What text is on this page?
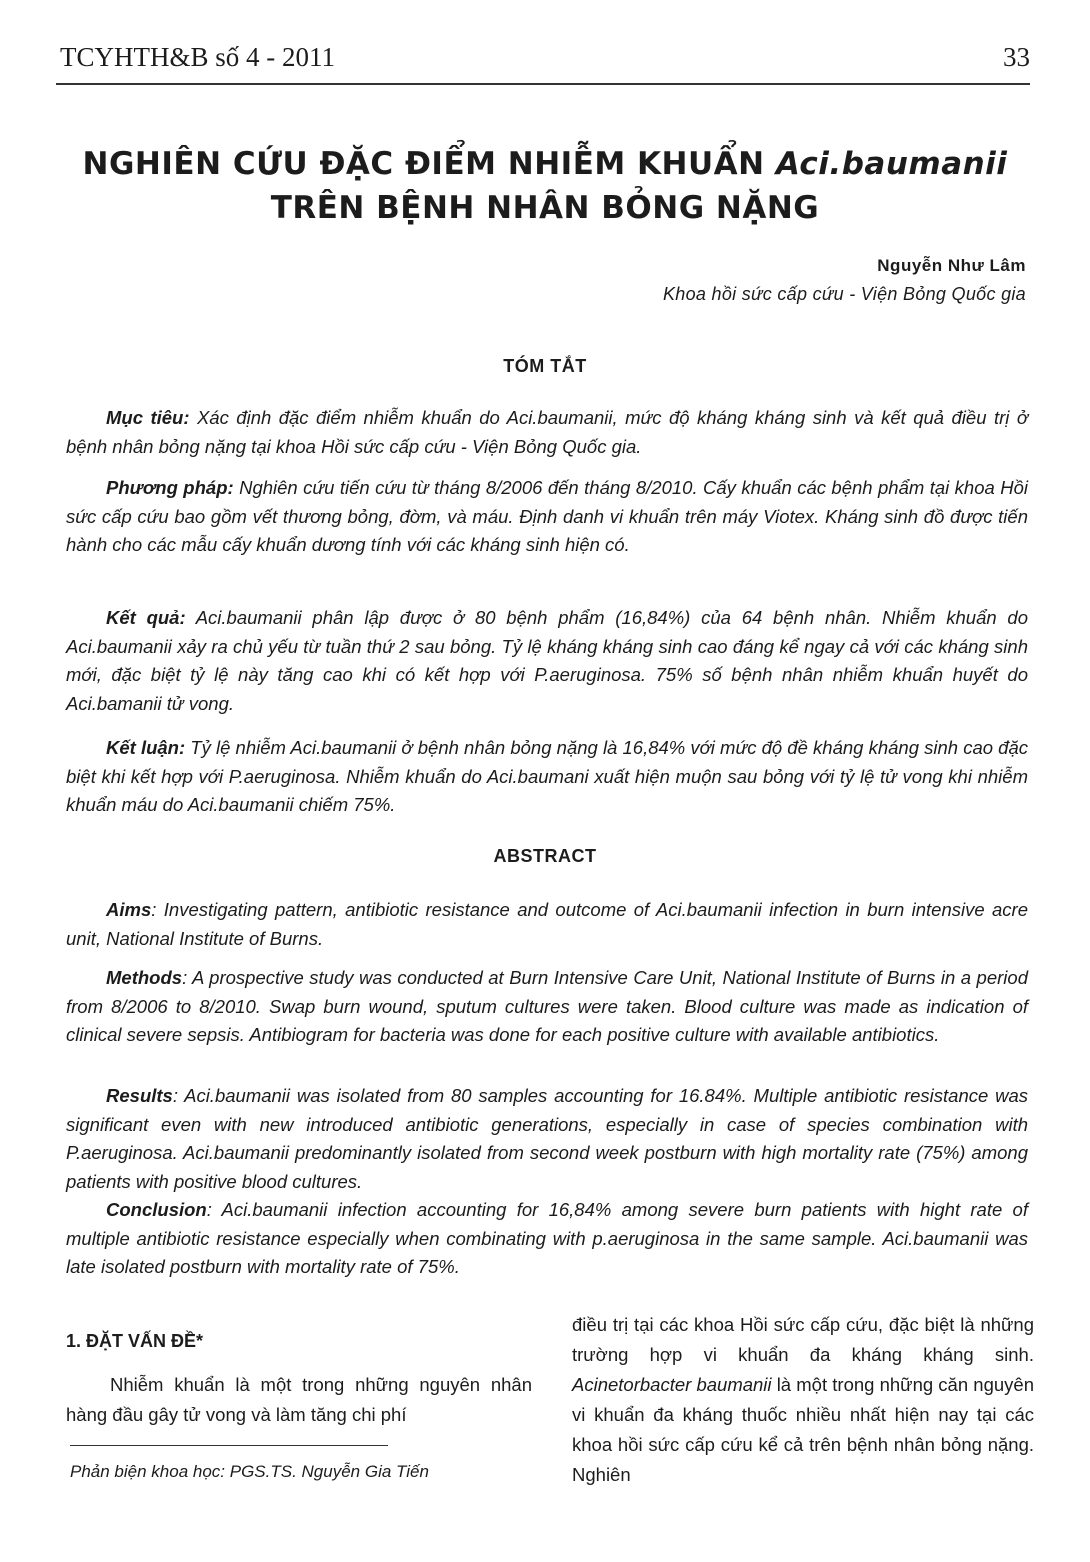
TCYHTH&B số 4 - 2011	33
NGHIÊN CỨU ĐẶC ĐIỂM NHIỄM KHUẨN Aci.baumanii
TRÊN BỆNH NHÂN BỎNG NẶNG
Nguyễn Như Lâm
Khoa hồi sức cấp cứu - Viện Bỏng Quốc gia
TÓM TẮT

Mục tiêu: Xác định đặc điểm nhiễm khuẩn do Aci.baumanii, mức độ kháng kháng sinh và kết quả điều trị ở bệnh nhân bỏng nặng tại khoa Hồi sức cấp cứu - Viện Bỏng Quốc gia.

Phương pháp: Nghiên cứu tiến cứu từ tháng 8/2006 đến tháng 8/2010. Cấy khuẩn các bệnh phẩm tại khoa Hồi sức cấp cứu bao gồm vết thương bỏng, đờm, và máu. Định danh vi khuẩn trên máy Viotex. Kháng sinh đồ được tiến hành cho các mẫu cấy khuẩn dương tính với các kháng sinh hiện có.

Kết quả: Aci.baumanii phân lập được ở 80 bệnh phẩm (16,84%) của 64 bệnh nhân. Nhiễm khuẩn do Aci.baumanii xảy ra chủ yếu từ tuần thứ 2 sau bỏng. Tỷ lệ kháng kháng sinh cao đáng kể ngay cả với các kháng sinh mới, đặc biệt tỷ lệ này tăng cao khi có kết hợp với P.aeruginosa. 75% số bệnh nhân nhiễm khuẩn huyết do Aci.bamanii tử vong.

Kết luận: Tỷ lệ nhiễm Aci.baumanii ở bệnh nhân bỏng nặng là 16,84% với mức độ đề kháng kháng sinh cao đặc biệt khi kết hợp với P.aeruginosa. Nhiễm khuẩn do Aci.baumani xuất hiện muộn sau bỏng với tỷ lệ tử vong khi nhiễm khuẩn máu do Aci.baumanii chiếm 75%.

ABSTRACT

Aims: Investigating pattern, antibiotic resistance and outcome of Aci.baumanii infection in burn intensive acre unit, National Institute of Burns.

Methods: A prospective study was conducted at Burn Intensive Care Unit, National Institute of Burns in a period from 8/2006 to 8/2010. Swap burn wound, sputum cultures were taken. Blood culture was made as indication of clinical severe sepsis. Antibiogram for bacteria was done for each positive culture with available antibiotics.

Results: Aci.baumanii was isolated from 80 samples accounting for 16.84%. Multiple antibiotic resistance was significant even with new introduced antibiotic generations, especially in case of species combination with P.aeruginosa. Aci.baumanii predominantly isolated from second week postburn with high mortality rate (75%) among patients with positive blood cultures.

Conclusion: Aci.baumanii infection accounting for 16,84% among severe burn patients with hight rate of multiple antibiotic resistance especially when combinating with p.aeruginosa in the same sample. Aci.baumanii was late isolated postburn with mortality rate of 75%.

1. ĐẶT VẤN ĐỀ*

Nhiễm khuẩn là một trong những nguyên nhân hàng đầu gây tử vong và làm tăng chi phí

điều trị tại các khoa Hồi sức cấp cứu, đặc biệt là những trường hợp vi khuẩn đa kháng kháng sinh. Acinetorbacter baumanii là một trong những căn nguyên vi khuẩn đa kháng thuốc nhiều nhất hiện nay tại các khoa hồi sức cấp cứu kể cả trên bệnh nhân bỏng nặng. Nghiên

Phản biện khoa học: PGS.TS. Nguyễn Gia Tiến
